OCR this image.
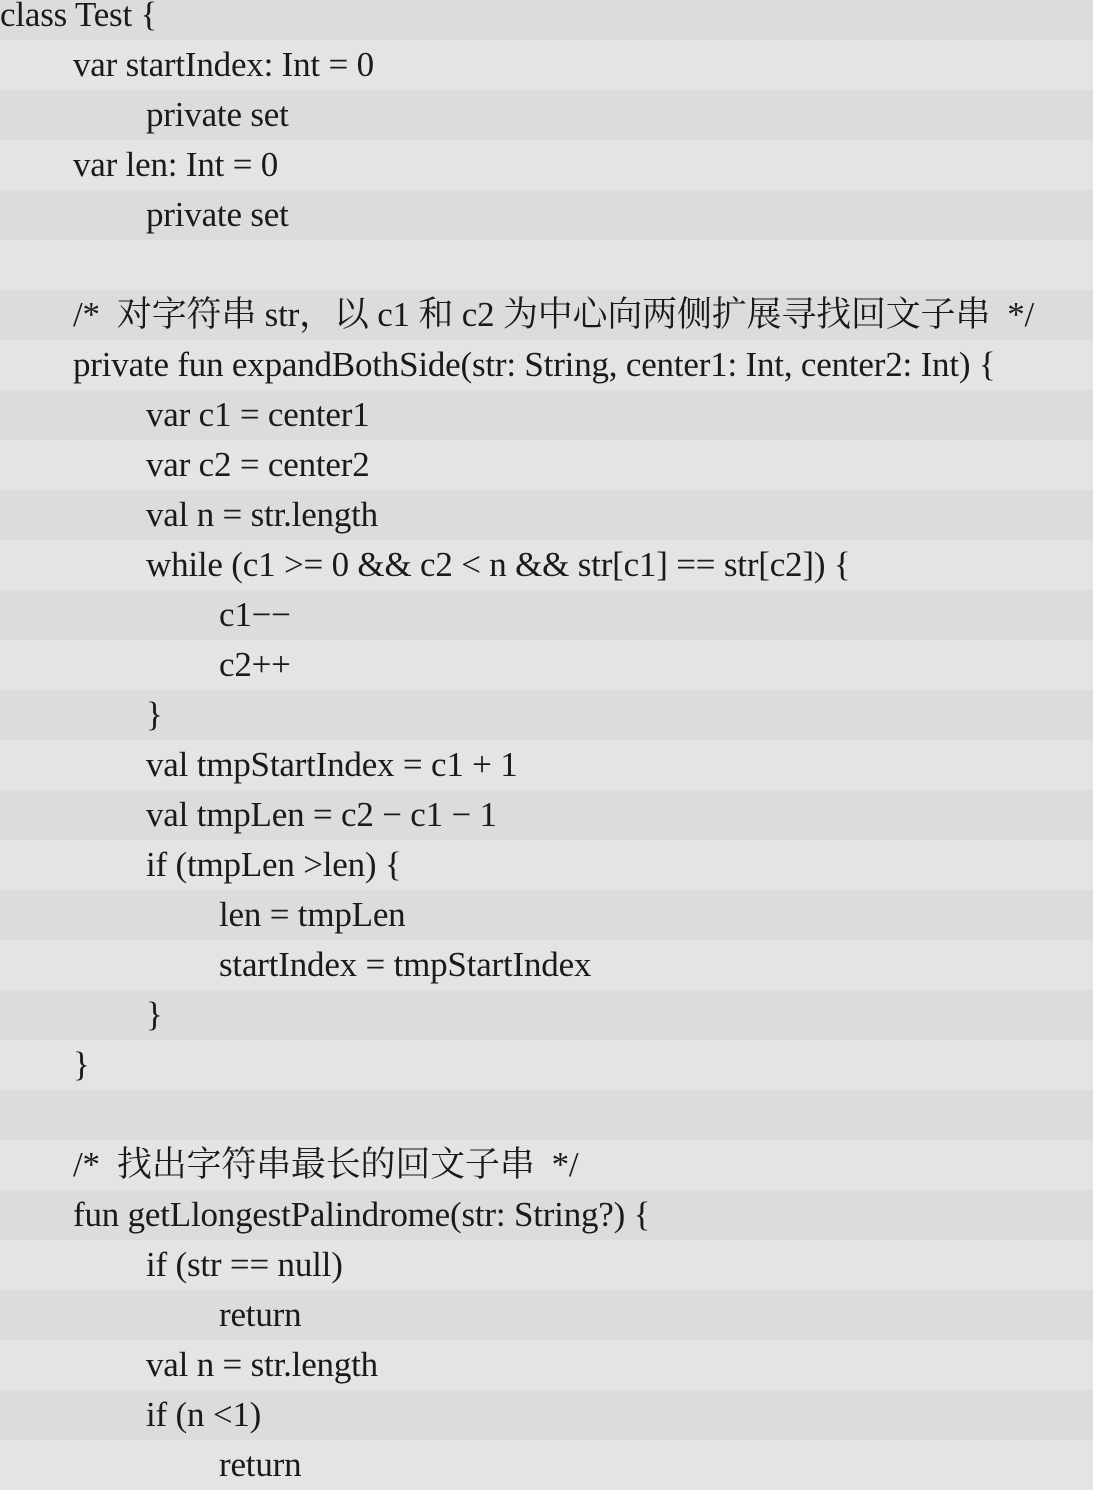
class Test {
var startIndex: Int = 0
private set
var len: Int = 0
private set
/*  对字符串 str，以 c1 和 c2 为中心向两侧扩展寻找回文子串  */
private fun expandBothSide(str: String, center1: Int, center2: Int) {
var c1 = center1
var c2 = center2
val n = str.length
while (c1 >= 0 && c2 < n && str[c1] == str[c2]) {
c1−−
c2++
}
val tmpStartIndex = c1 + 1
val tmpLen = c2 − c1 − 1
if (tmpLen >len) {
len = tmpLen
startIndex = tmpStartIndex
}
}
/*  找出字符串最长的回文子串  */
fun getLlongestPalindrome(str: String?) {
if (str == null)
return
val n = str.length
if (n <1)
return
